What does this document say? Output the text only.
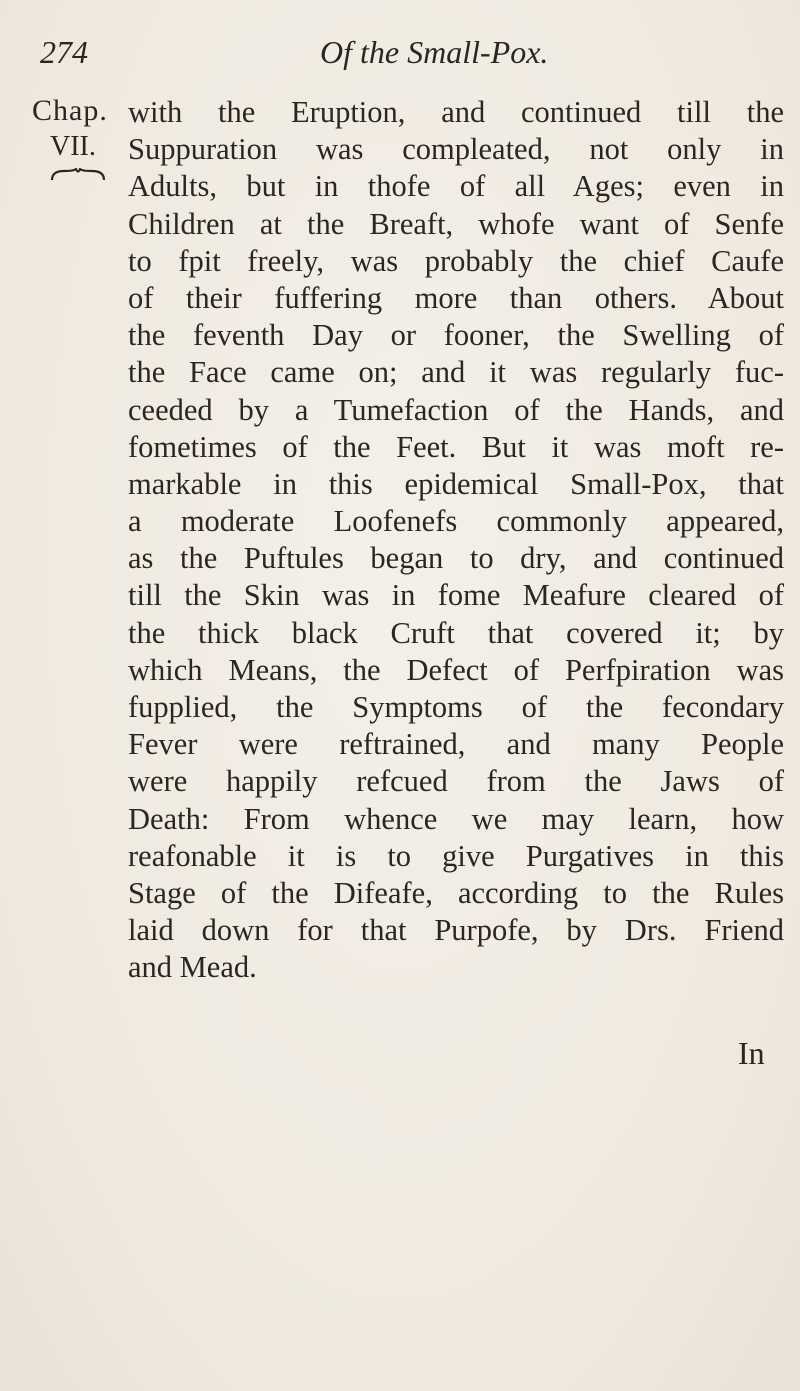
274	Of the Small-Pox.
Chap.
VII.
with the Eruption, and continued till the
Suppuration was compleated, not only in
Adults, but in thofe of all Ages; even in
Children at the Breaft, whofe want of Senfe
to fpit freely, was probably the chief Caufe
of their fuffering more than others. About
the feventh Day or fooner, the Swelling of
the Face came on; and it was regularly fuc-
ceeded by a Tumefaction of the Hands, and
fometimes of the Feet. But it was moft re-
markable in this epidemical Small-Pox, that
a moderate Loofenefs commonly appeared,
as the Puftules began to dry, and continued
till the Skin was in fome Meafure cleared of
the thick black Cruft that covered it; by
which Means, the Defect of Perfpiration was
fupplied, the Symptoms of the fecondary
Fever were reftrained, and many People
were happily refcued from the Jaws of
Death: From whence we may learn, how
reafonable it is to give Purgatives in this
Stage of the Difeafe, according to the Rules
laid down for that Purpofe, by Drs. Friend
and Mead.
In
